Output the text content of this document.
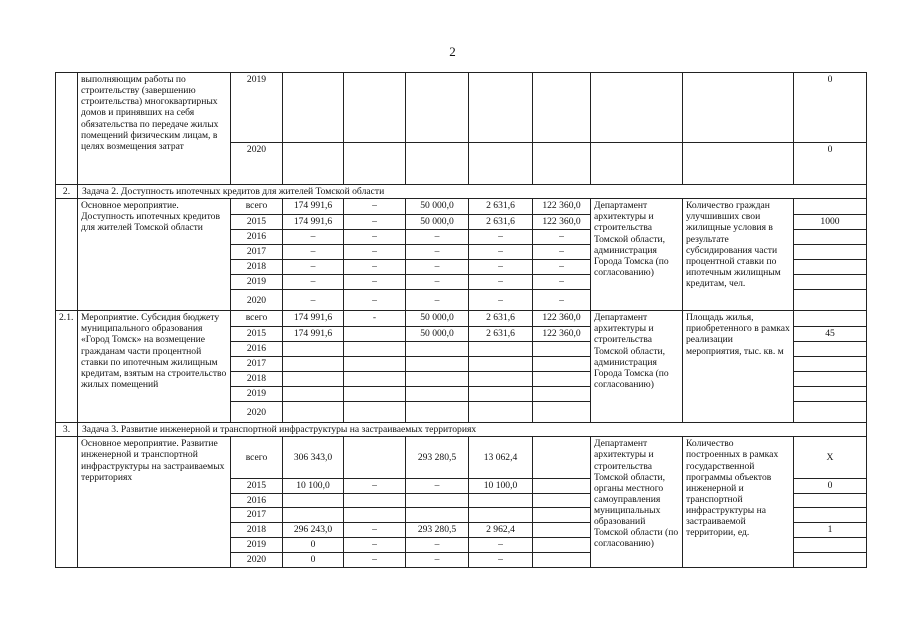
2
	выполняющим работы по строительству (завершению строительства) многоквартирных домов и принявших на себя обязательства по передаче жилых помещений физическим лицам, в целях возмещения затрат	2019								0
		2020								0
2.	Задача 2. Доступность ипотечных кредитов для жителей Томской области									
	Основное мероприятие. Доступность ипотечных кредитов для жителей Томской области	всего	174 991,6	–	50 000,0	2 631,6	122 360,0	Департамент архитектуры и строительства Томской области, администрация Города Томска (по согласованию)	Количество граждан улучшивших свои жилищные условия в результате субсидирования части процентной ставки по ипотечным жилищным кредитам, чел.	
		2015	174 991,6	–	50 000,0	2 631,6	122 360,0			1000
		2016	–	–	–	–	–			
		2017	–	–	–	–	–			
		2018	–	–	–	–	–			
		2019	–	–	–	–	–			
		2020	–	–	–	–	–			
2.1.	Мероприятие. Субсидия бюджету муниципального образования «Город Томск» на возмещение гражданам части процентной ставки по ипотечным жилищным кредитам, взятым на строительство жилых помещений	всего	174 991,6	-	50 000,0	2 631,6	122 360,0	Департамент архитектуры и строительства Томской области, администрация Города Томска (по согласованию)	Площадь жилья, приобретенного в рамках реализации мероприятия, тыс. кв. м	
		2015	174 991,6		50 000,0	2 631,6	122 360,0			45
		2016								
		2017								
		2018								
		2019								
		2020								
3.	Задача 3. Развитие инженерной и транспортной инфраструктуры на застраиваемых территориях									
	Основное мероприятие. Развитие инженерной и транспортной инфраструктуры на застраиваемых территориях	всего	306 343,0		293 280,5	13 062,4		Департамент архитектуры и строительства Томской области, органы местного самоуправления муниципальных образований Томской области (по согласованию)	Количество построенных в рамках государственной программы объектов инженерной и транспортной инфраструктуры на застраиваемой территории, ед.	Х
		2015	10 100,0	–	–	10 100,0				0
		2016								
		2017								
		2018	296 243,0	–	293 280,5	2 962,4				1
		2019	0	–	–	–				
		2020	0	–	–	–				
